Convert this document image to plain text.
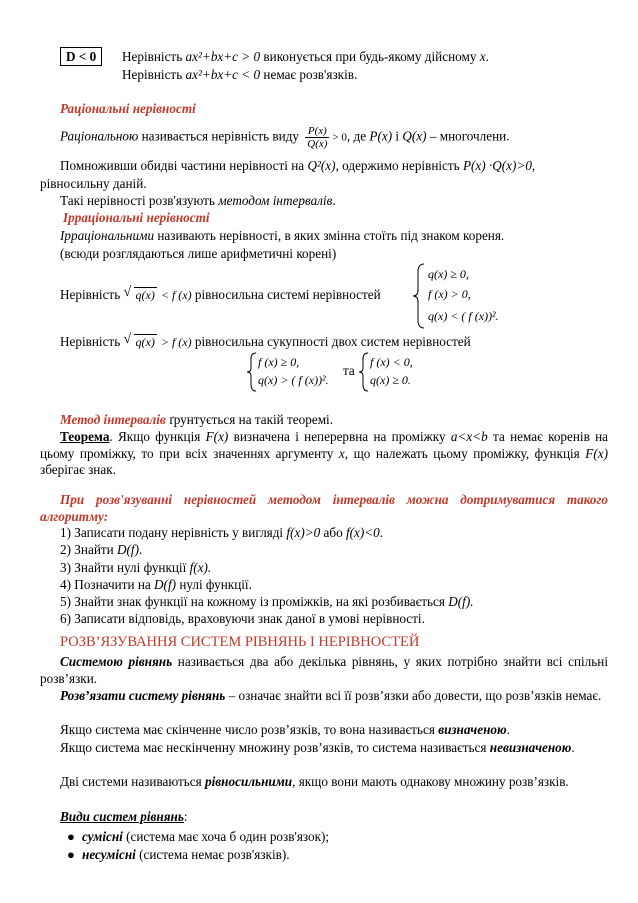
D < 0	Нерівність ax²+bx+c > 0 виконується при будь-якому дійсному x.
Нерівність ax²+bx+c < 0 немає розв'язків.
Раціональні нерівності
Раціональною називається нерівність виду $\frac{P(x)}{Q(x)} > 0$, де P(x) і Q(x) – многочлени.
Помноживши обидві частини нерівності на Q²(x), одержимо нерівність P(x) ·Q(x)>0,
рівносильну даній.
Такі нерівності розв'язують методом інтервалів.
Ірраціональні нерівності
Ірраціональними називають нерівності, в яких змінна стоїть під знаком кореня.
(всюди розглядаються лише арифметичні корені)
q(x) ≥ 0,
f (x) > 0,
q(x) < ( f (x))².
Нерівність √ q(x) < f (x) рівносильна системі нерівностей
Нерівність √ q(x) > f (x) рівносильна сукупності двох систем нерівностей
f (x) ≥ 0,
q(x) > ( f (x))².
та
f (x) < 0,
q(x) ≥ 0.
Метод інтервалів ґрунтується на такій теоремі.
Теорема. Якщо функція F(x) визначена і неперервна на проміжку a<x<b та немає коренів на цьому проміжку, то при всіх значеннях аргументу x, що належать цьому проміжку, функція F(x) зберігає знак.
При розв'язуванні нерівностей методом інтервалів можна дотримуватися такого алгоритму:
1) Записати подану нерівність у вигляді f(x)>0 або f(x)<0.
2) Знайти D(f).
3) Знайти нулі функції f(x).
4) Позначити на D(f) нулі функції.
5) Знайти знак функції на кожному із проміжків, на які розбивається D(f).
6) Записати відповідь, враховуючи знак даної в умові нерівності.
РОЗВ’ЯЗУВАННЯ СИСТЕМ РІВНЯНЬ І НЕРІВНОСТЕЙ
Системою рівнянь називається два або декілька рівнянь, у яких потрібно знайти всі спільні розв’язки.
Розв’язати систему рівнянь – означає знайти всі її розв’язки або довести, що розв’язків немає.
Якщо система має скінченне число розв’язків, то вона називається визначеною.
Якщо система має нескінченну множину розв’язків, то система називається невизначеною.
Дві системи називаються рівносильними, якщо вони мають однакову множину розв’язків.
Види систем рівнянь:
● сумісні (система має хоча б один розв'язок);
● несумісні (система немає розв'язків).
